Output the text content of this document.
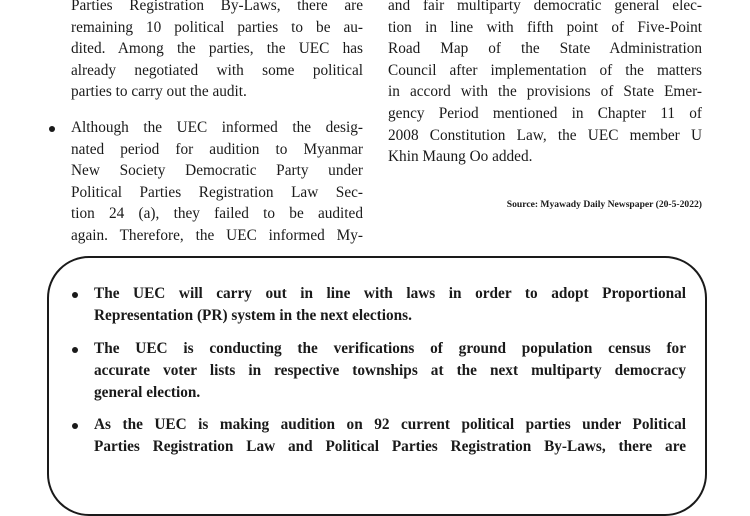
Parties Registration By-Laws, there are
remaining 10 political parties to be au-
dited. Among the parties, the UEC has
already negotiated with some political
parties to carry out the audit.
Although the UEC informed the desig-
nated period for audition to Myanmar
New Society Democratic Party under
Political Parties Registration Law Sec-
tion 24 (a), they failed to be audited
again. Therefore, the UEC informed My-
and fair multiparty democratic general elec-
tion in line with fifth point of Five-Point
Road Map of the State Administration
Council after implementation of the matters
in accord with the provisions of State Emer-
gency Period mentioned in Chapter 11 of
2008 Constitution Law, the UEC member U
Khin Maung Oo added.
Source: Myawady Daily Newspaper (20-5-2022)
The UEC will carry out in line with laws in order to adopt Proportional
Representation (PR) system in the next elections.
The UEC is conducting the verifications of ground population census for
accurate voter lists in respective townships at the next multiparty democracy
general election.
As the UEC is making audition on 92 current political parties under Political
Parties Registration Law and Political Parties Registration By-Laws, there are
